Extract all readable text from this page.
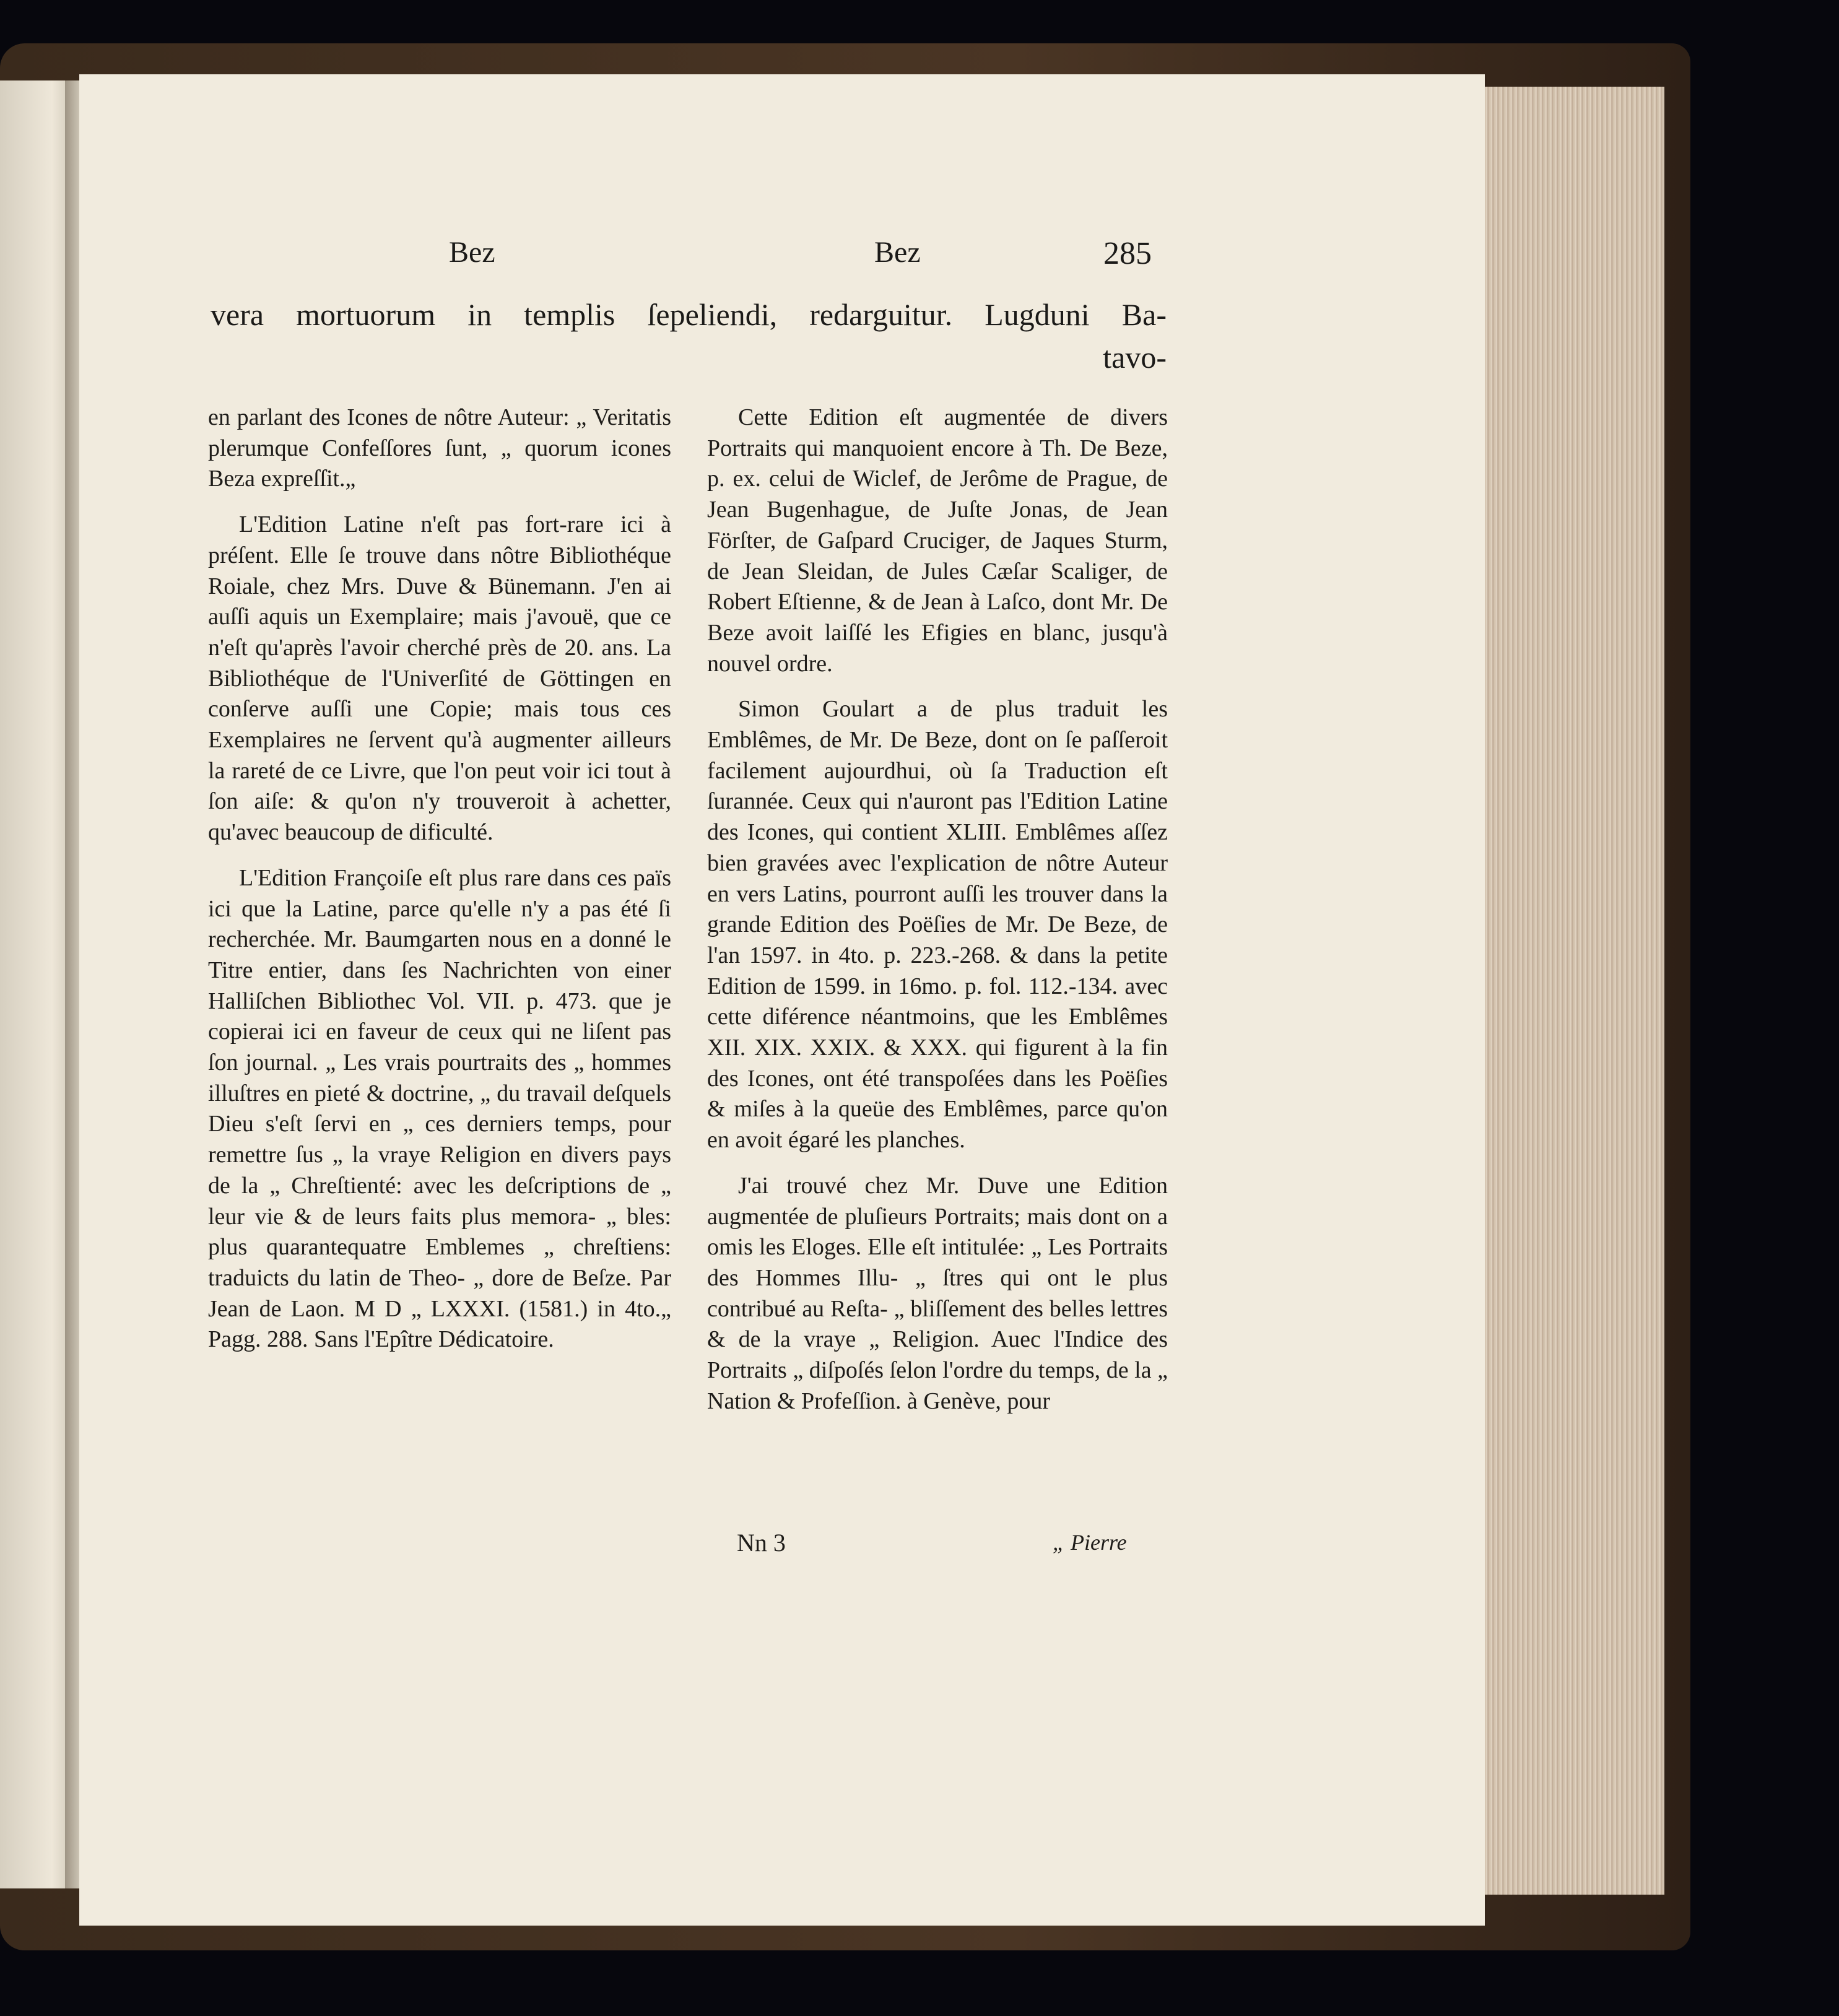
Bez	Bez	285
vera mortuorum in templis ſepeliendi, redarguitur. Lugduni Ba-
tavo-

en parlant des Icones de nôtre Auteur: „ Veritatis plerumque Confeſſores ſunt, „ quorum icones Beza expreſſit.„

L'Edition Latine n'eſt pas fort-rare ici à préſent. Elle ſe trouve dans nôtre Bibliothéque Roiale, chez Mrs. Duve & Bünemann. J'en ai auſſi aquis un Exemplaire; mais j'avouë, que ce n'eſt qu'après l'avoir cherché près de 20. ans. La Bibliothéque de l'Univerſité de Göttingen en conſerve auſſi une Copie; mais tous ces Exemplaires ne ſervent qu'à augmenter ailleurs la rareté de ce Livre, que l'on peut voir ici tout à ſon aiſe: & qu'on n'y trouveroit à achetter, qu'avec beaucoup de dificulté.

L'Edition Françoiſe eſt plus rare dans ces païs ici que la Latine, parce qu'elle n'y a pas été ſi recherchée. Mr. Baumgarten nous en a donné le Titre entier, dans ſes Nachrichten von einer Halliſchen Bibliothec Vol. VII. p. 473. que je copierai ici en faveur de ceux qui ne liſent pas ſon journal. „ Les vrais pourtraits des „ hommes illuſtres en pieté & doctrine, „ du travail deſquels Dieu s'eſt ſervi en „ ces derniers temps, pour remettre ſus „ la vraye Religion en divers pays de la „ Chreſtienté: avec les deſcriptions de „ leur vie & de leurs faits plus memora- „ bles: plus quarantequatre Emblemes „ chreſtiens: traduicts du latin de Theo- „ dore de Beſze. Par Jean de Laon. M D „ LXXXI. (1581.) in 4to.„ Pagg. 288. Sans l'Epître Dédicatoire.

Cette Edition eſt augmentée de divers Portraits qui manquoient encore à Th. De Beze, p. ex. celui de Wiclef, de Jerôme de Prague, de Jean Bugenhague, de Juſte Jonas, de Jean Förſter, de Gaſpard Cruciger, de Jaques Sturm, de Jean Sleidan, de Jules Cæſar Scaliger, de Robert Eſtienne, & de Jean à Laſco, dont Mr. De Beze avoit laiſſé les Efigies en blanc, jusqu'à nouvel ordre.

Simon Goulart a de plus traduit les Emblêmes, de Mr. De Beze, dont on ſe paſſeroit facilement aujourdhui, où ſa Traduction eſt ſurannée. Ceux qui n'auront pas l'Edition Latine des Icones, qui contient XLIII. Emblêmes aſſez bien gravées avec l'explication de nôtre Auteur en vers Latins, pourront auſſi les trouver dans la grande Edition des Poëſies de Mr. De Beze, de l'an 1597. in 4to. p. 223.-268. & dans la petite Edition de 1599. in 16mo. p. fol. 112.-134. avec cette diférence néantmoins, que les Emblêmes XII. XIX. XXIX. & XXX. qui figurent à la fin des Icones, ont été transpoſées dans les Poëſies & miſes à la queüe des Emblêmes, parce qu'on en avoit égaré les planches.

J'ai trouvé chez Mr. Duve une Edition augmentée de pluſieurs Portraits; mais dont on a omis les Eloges. Elle eſt intitulée: „ Les Portraits des Hommes Illu- „ ſtres qui ont le plus contribué au Reſta- „ bliſſement des belles lettres & de la vraye „ Religion. Auec l'Indice des Portraits „ diſpoſés ſelon l'ordre du temps, de la „ Nation & Profeſſion. à Genève, pour

Nn 3	„ Pierre
